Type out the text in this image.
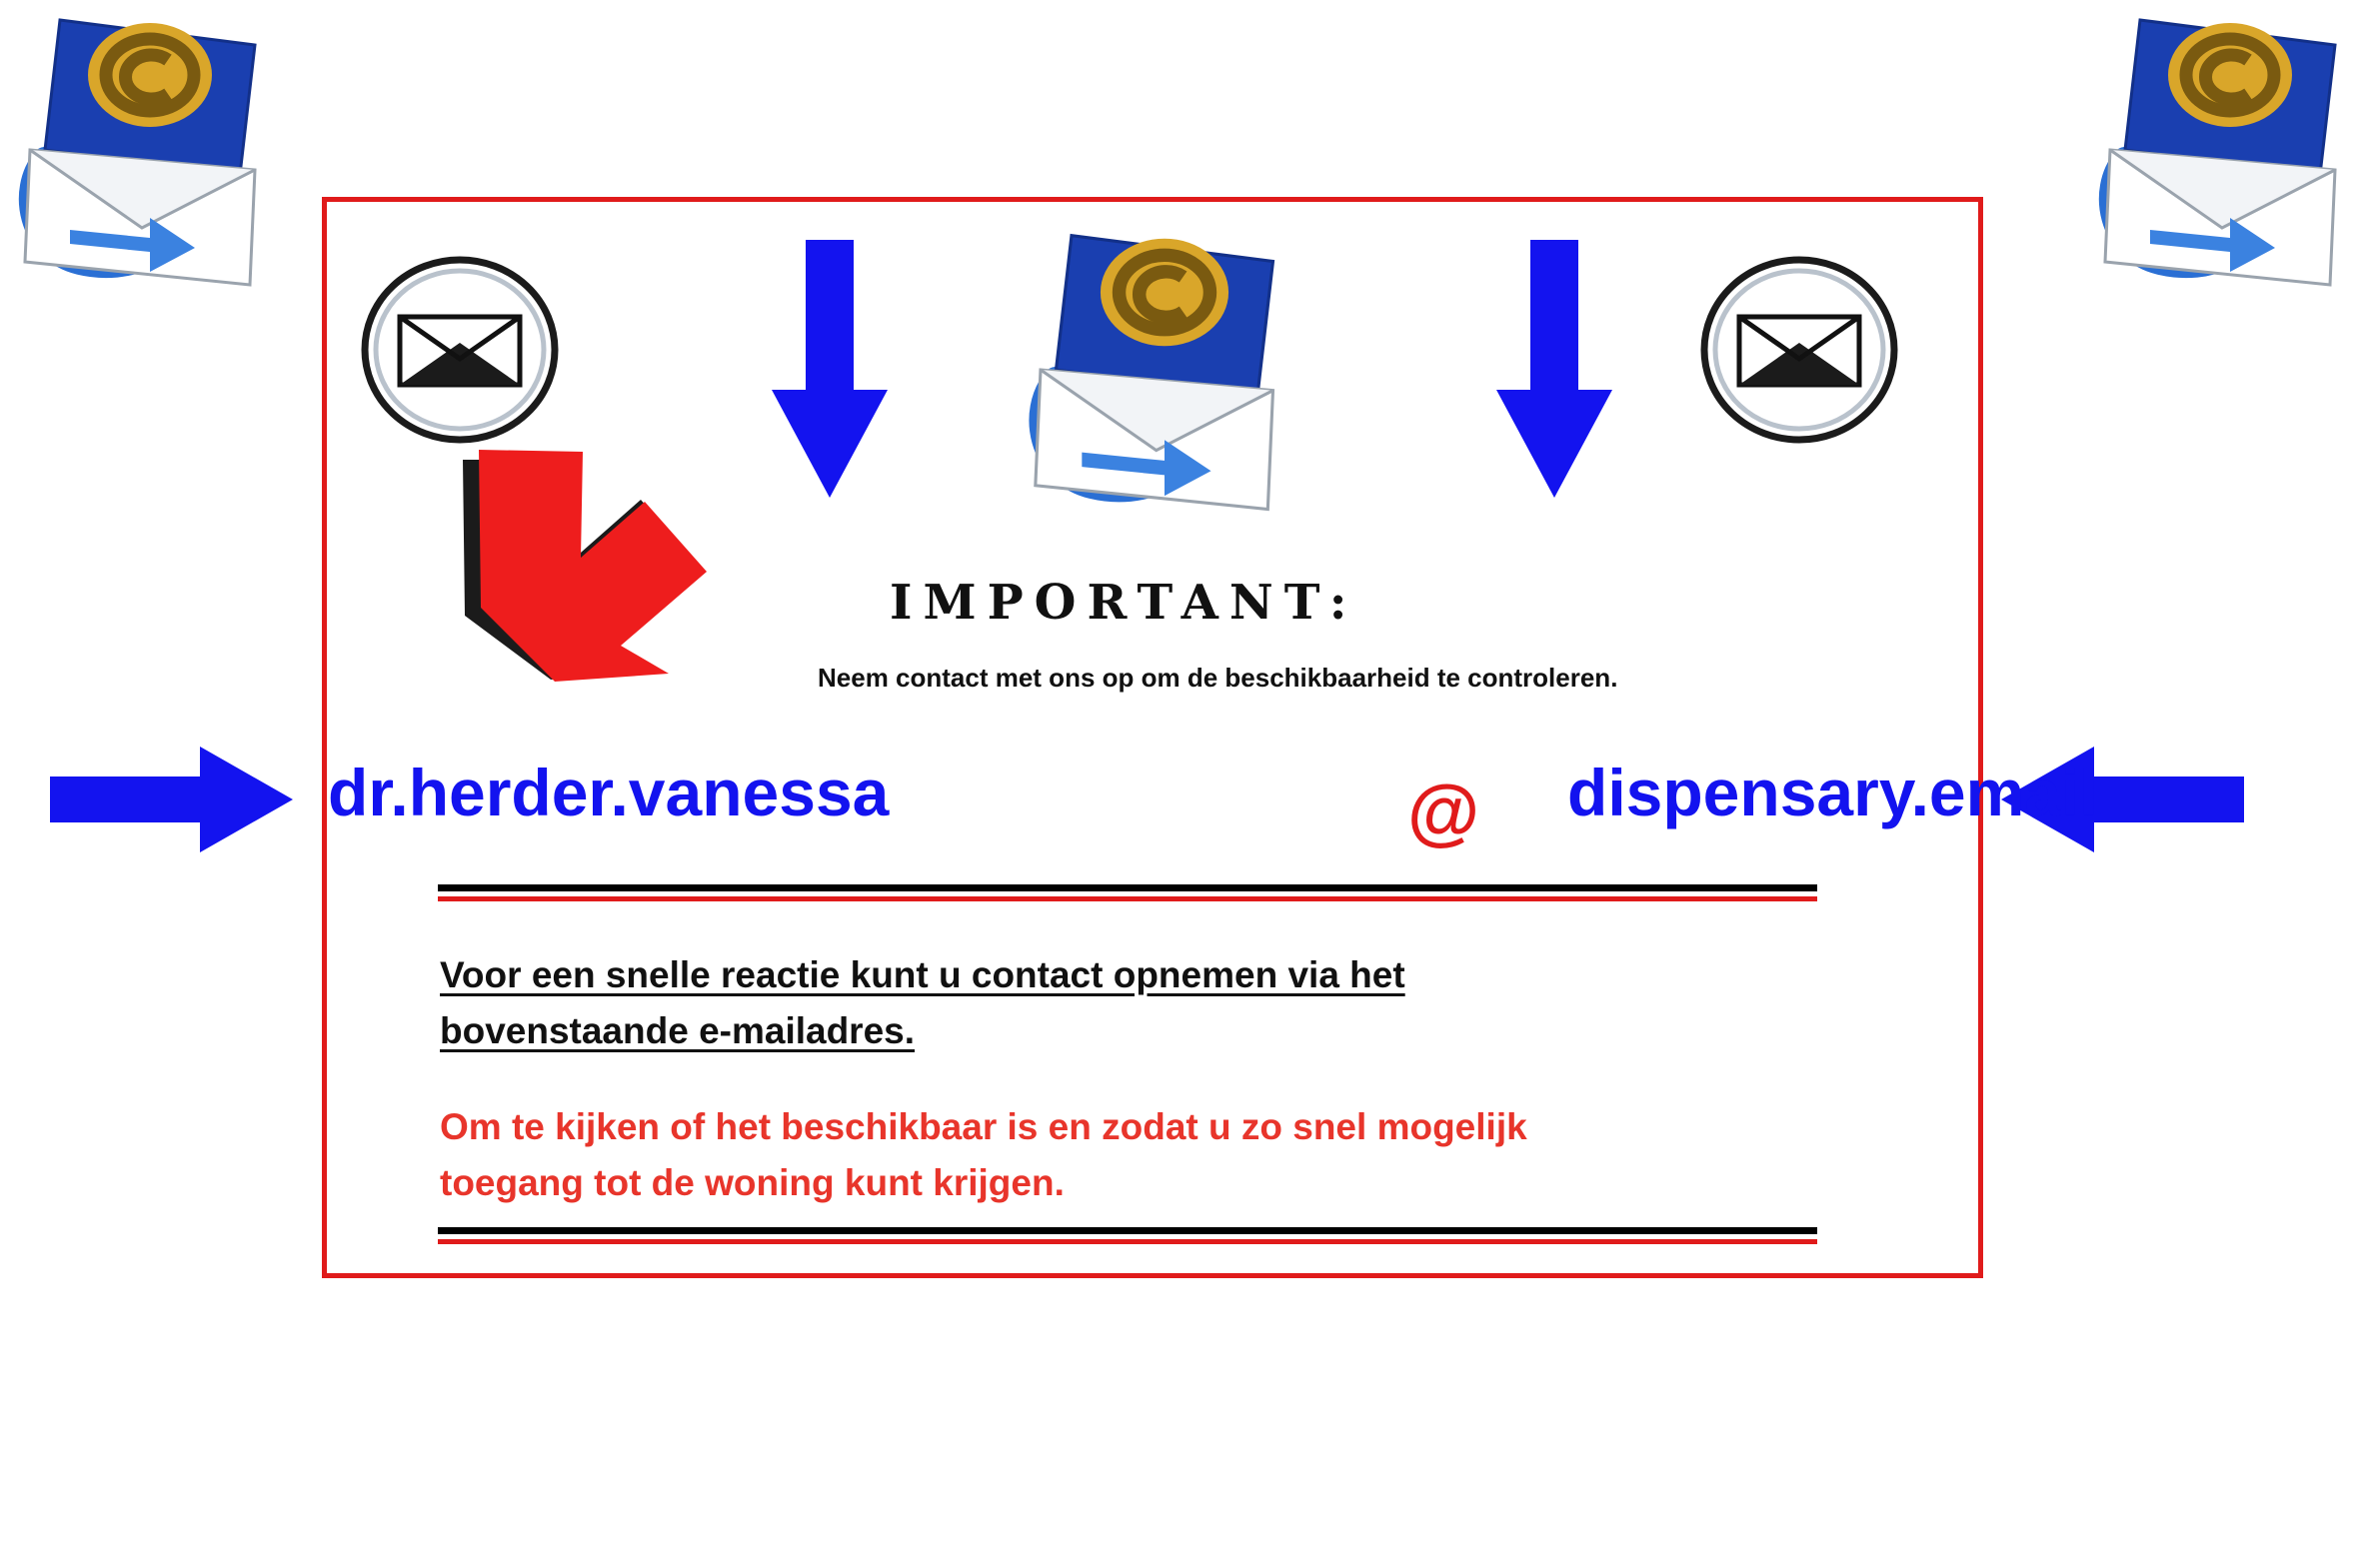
IMPORTANT:
Neem contact met ons op om de beschikbaarheid te controleren.
dr.herder.vanessa	@ dispensary.email
Voor een snelle reactie kunt u contact opnemen via het bovenstaande e-mailadres.
Om te kijken of het beschikbaar is en zodat u zo snel mogelijk toegang tot de woning kunt krijgen.
